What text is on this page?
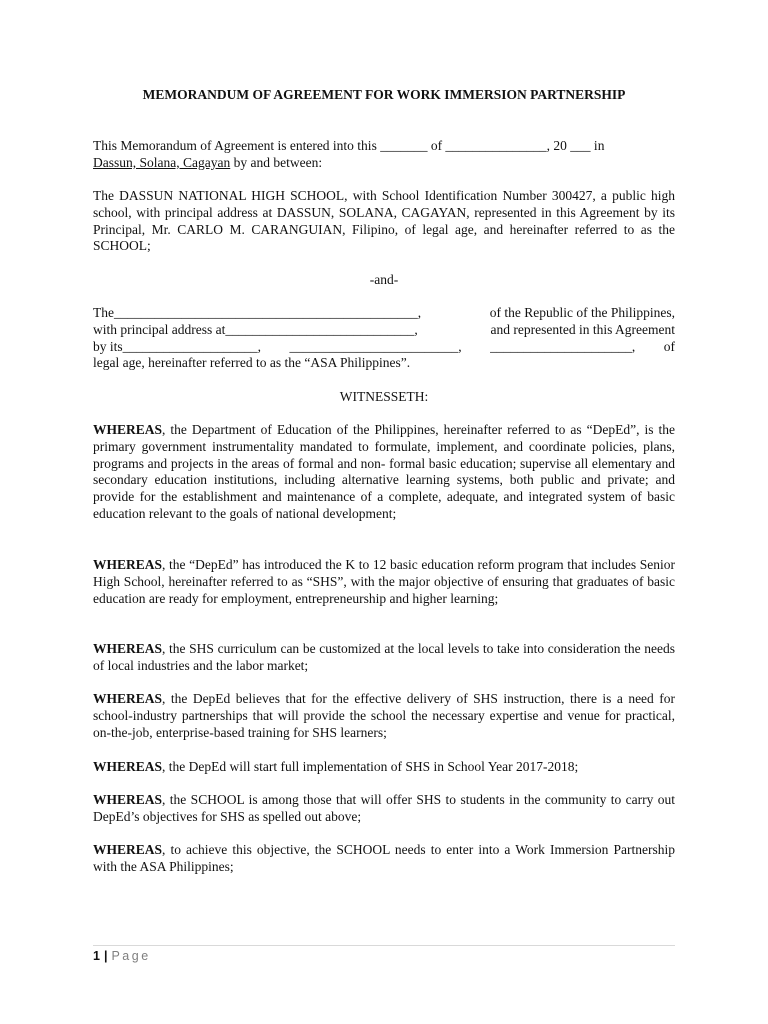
MEMORANDUM OF AGREEMENT FOR WORK IMMERSION PARTNERSHIP
This Memorandum of Agreement is entered into this _______ of _______________, 20 ___ in
Dassun, Solana, Cagayan by and between:
The DASSUN NATIONAL HIGH SCHOOL, with School Identification Number 300427, a public high school, with principal address at DASSUN, SOLANA, CAGAYAN, represented in this Agreement by its Principal, Mr. CARLO M. CARANGUIAN, Filipino, of legal age, and hereinafter referred to as the SCHOOL;
-and-
The_____________________________________________,	of the Republic of the Philippines,
with principal address at____________________________,	and represented in this Agreement
by its____________________, _________________________, _____________________, of
legal age, hereinafter referred to as the “ASA Philippines”.
WITNESSETH:
WHEREAS, the Department of Education of the Philippines, hereinafter referred to as “DepEd”, is the primary government instrumentality mandated to formulate, implement, and coordinate policies, plans, programs and projects in the areas of formal and non- formal basic education; supervise all elementary and secondary education institutions, including alternative learning systems, both public and private; and provide for the establishment and maintenance of a complete, adequate, and integrated system of basic education relevant to the goals of national development;
WHEREAS, the “DepEd” has introduced the K to 12 basic education reform program that includes Senior High School, hereinafter referred to as “SHS”, with the major objective of ensuring that graduates of basic education are ready for employment, entrepreneurship and higher learning;
WHEREAS, the SHS curriculum can be customized at the local levels to take into consideration the needs of local industries and the labor market;
WHEREAS, the DepEd believes that for the effective delivery of SHS instruction, there is a need for school-industry partnerships that will provide the school the necessary expertise and venue for practical, on-the-job, enterprise-based training for SHS learners;
WHEREAS, the DepEd will start full implementation of SHS in School Year 2017-2018;
WHEREAS, the SCHOOL is among those that will offer SHS to students in the community to carry out DepEd’s objectives for SHS as spelled out above;
WHEREAS, to achieve this objective, the SCHOOL needs to enter into a Work Immersion Partnership with the ASA Philippines;
1 | Page
